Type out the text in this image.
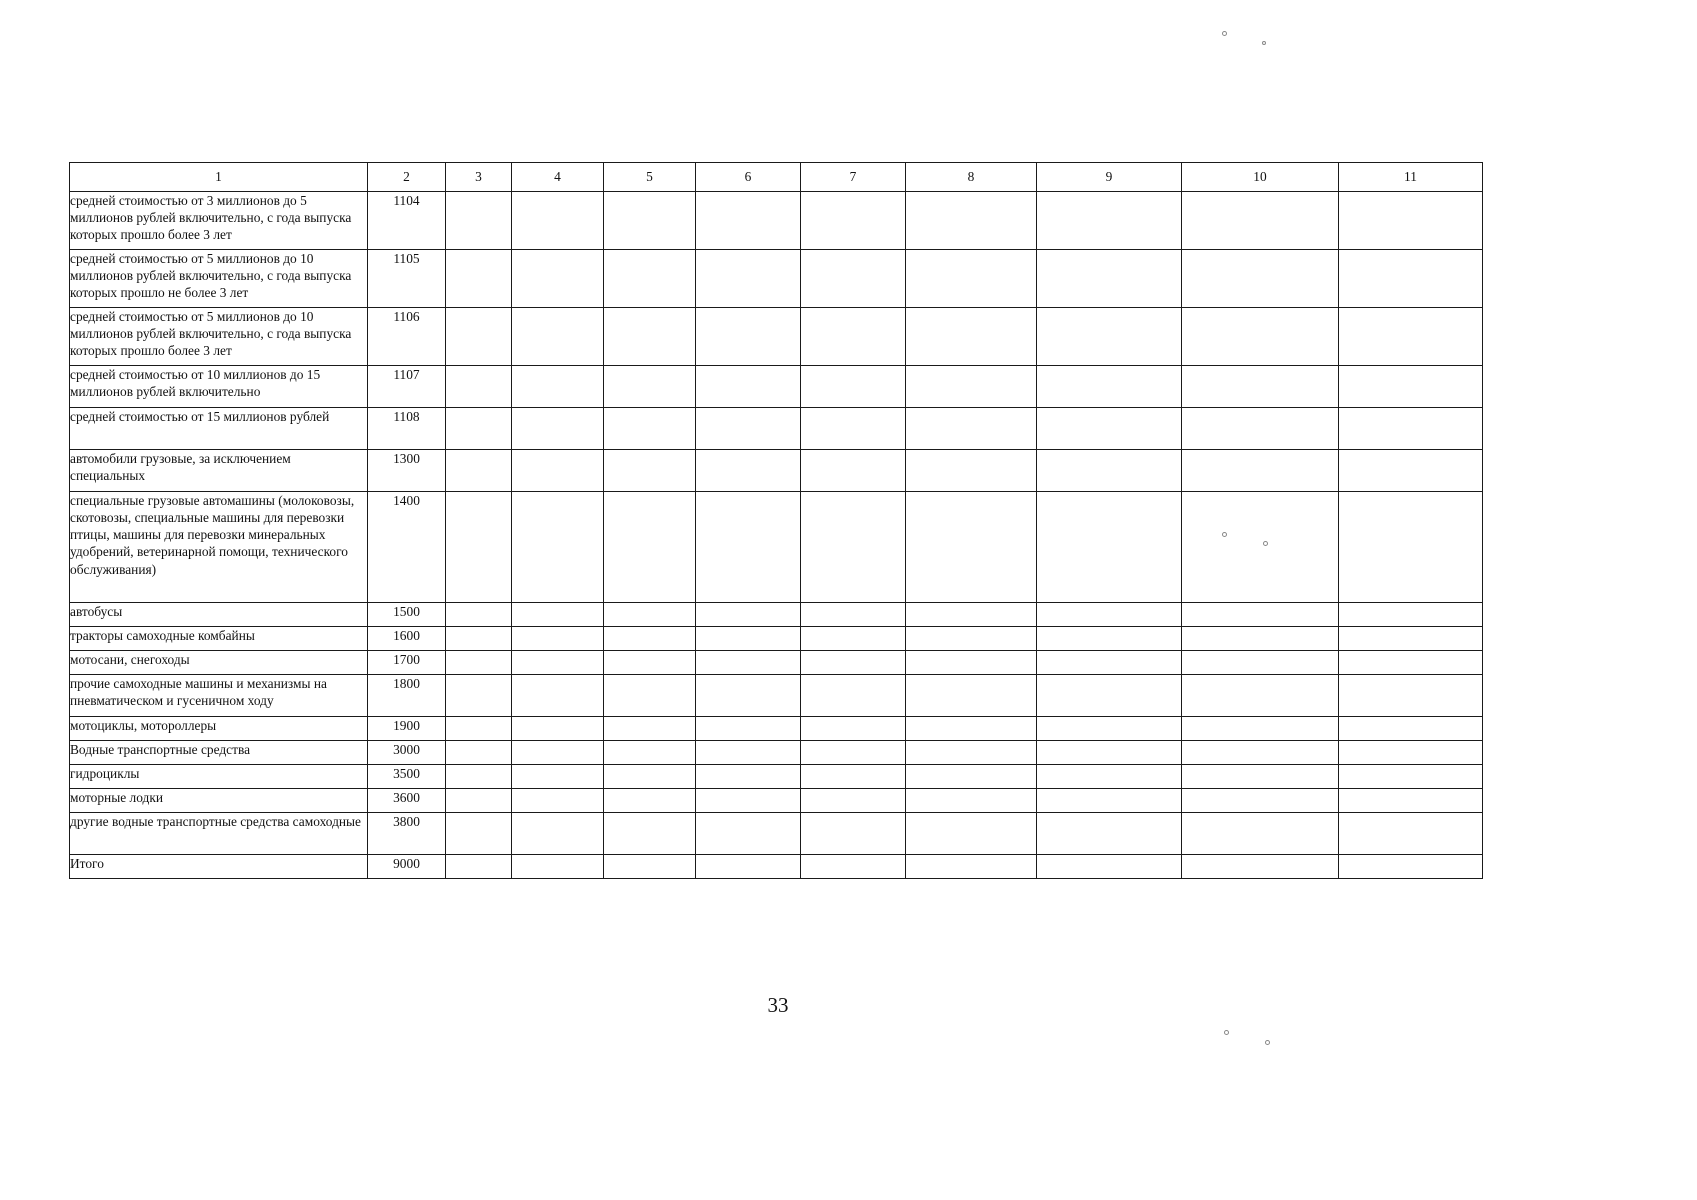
1	2	3	4	5	6	7	8	9	10	11
средней стоимостью от 3 миллионов до 5 миллионов рублей включительно, с года выпуска которых прошло более 3 лет	1104									
средней стоимостью от 5 миллионов до 10 миллионов рублей включительно, с года выпуска которых прошло не более 3 лет	1105									
средней стоимостью от 5 миллионов до 10 миллионов рублей включительно, с года выпуска которых прошло более 3 лет	1106									
средней стоимостью от 10 миллионов до 15 миллионов рублей включительно	1107									
средней стоимостью от 15 миллионов рублей	1108									
автомобили грузовые, за исключением специальных	1300									
специальные грузовые автомашины (молоковозы, скотовозы, специальные машины для перевозки птицы, машины для перевозки минеральных удобрений, ветеринарной помощи, технического обслуживания)	1400									
автобусы	1500									
тракторы самоходные комбайны	1600									
мотосани, снегоходы	1700									
прочие самоходные машины и механизмы на пневматическом и гусеничном ходу	1800									
мотоциклы, мотороллеры	1900									
Водные транспортные средства	3000									
гидроциклы	3500									
моторные лодки	3600									
другие водные транспортные средства самоходные	3800									
Итого	9000									
33
